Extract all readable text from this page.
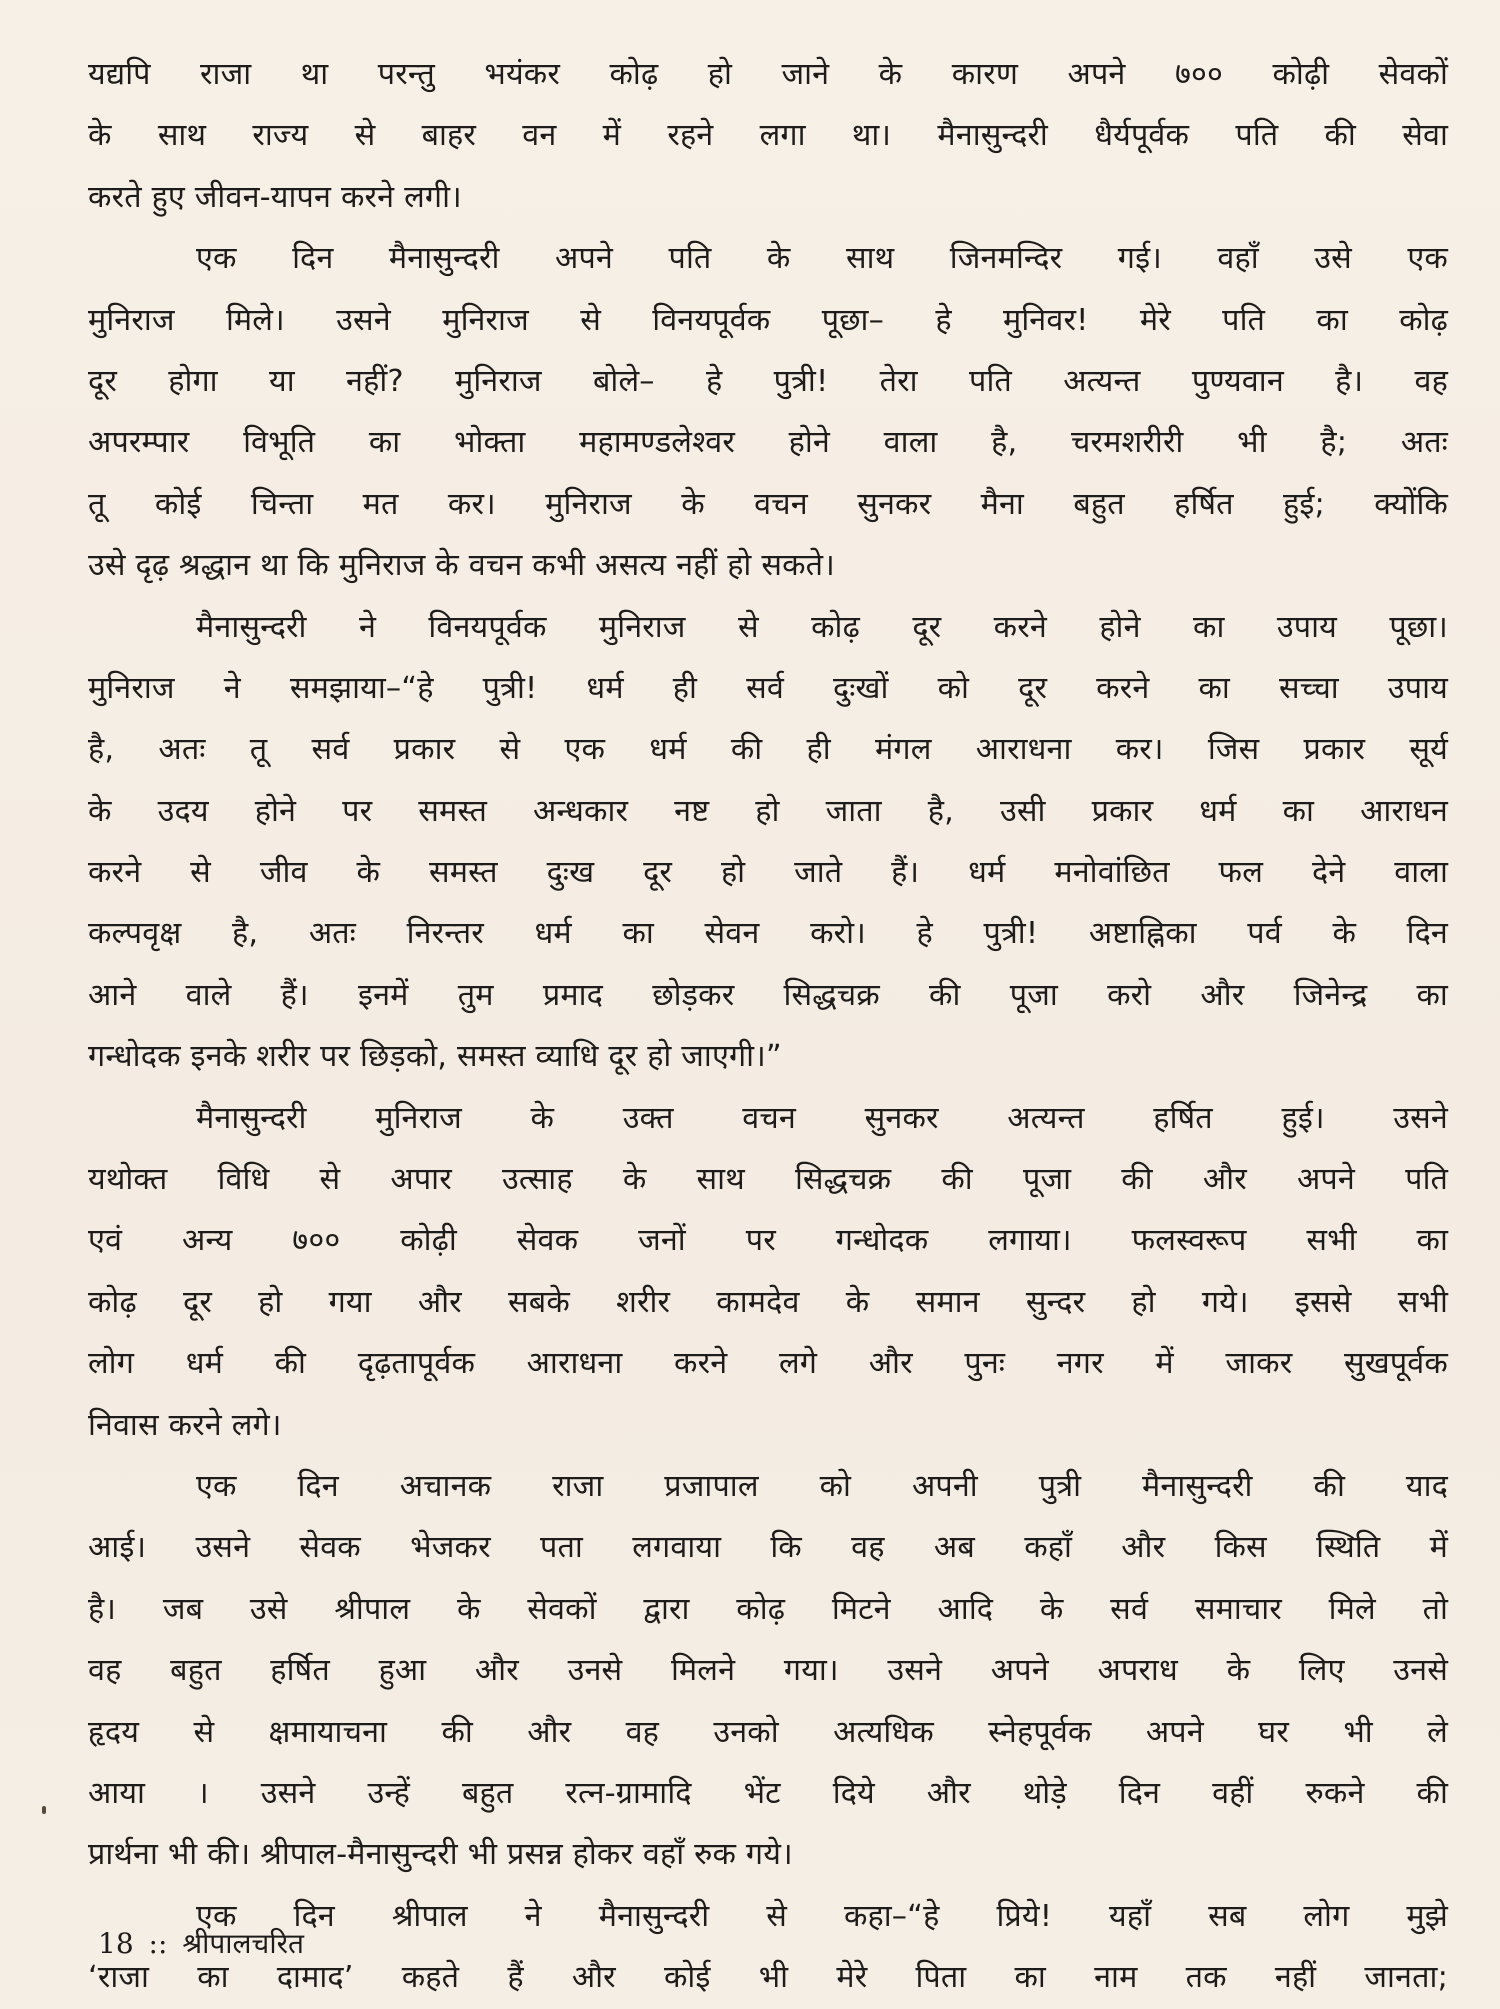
यद्यपि राजा था परन्तु भयंकर कोढ़ हो जाने के कारण अपने ७०० कोढ़ी सेवकों
के साथ राज्य से बाहर वन में रहने लगा था। मैनासुन्दरी धैर्यपूर्वक पति की सेवा
करते हुए जीवन-यापन करने लगी।
एक दिन मैनासुन्दरी अपने पति के साथ जिनमन्दिर गई। वहाँ उसे एक
मुनिराज मिले। उसने मुनिराज से विनयपूर्वक पूछा– हे मुनिवर! मेरे पति का कोढ़
दूर होगा या नहीं? मुनिराज बोले– हे पुत्री! तेरा पति अत्यन्त पुण्यवान है। वह
अपरम्पार विभूति का भोक्ता महामण्डलेश्वर होने वाला है, चरमशरीरी भी है; अतः
तू कोई चिन्ता मत कर। मुनिराज के वचन सुनकर मैना बहुत हर्षित हुई; क्योंकि
उसे दृढ़ श्रद्धान था कि मुनिराज के वचन कभी असत्य नहीं हो सकते।
मैनासुन्दरी ने विनयपूर्वक मुनिराज से कोढ़ दूर करने होने का उपाय पूछा।
मुनिराज ने समझाया–“हे पुत्री! धर्म ही सर्व दुःखों को दूर करने का सच्चा उपाय
है, अतः तू सर्व प्रकार से एक धर्म की ही मंगल आराधना कर। जिस प्रकार सूर्य
के उदय होने पर समस्त अन्धकार नष्ट हो जाता है, उसी प्रकार धर्म का आराधन
करने से जीव के समस्त दुःख दूर हो जाते हैं। धर्म मनोवांछित फल देने वाला
कल्पवृक्ष है, अतः निरन्तर धर्म का सेवन करो। हे पुत्री! अष्टाह्निका पर्व के दिन
आने वाले हैं। इनमें तुम प्रमाद छोड़कर सिद्धचक्र की पूजा करो और जिनेन्द्र का
गन्धोदक इनके शरीर पर छिड़को, समस्त व्याधि दूर हो जाएगी।”
मैनासुन्दरी मुनिराज के उक्त वचन सुनकर अत्यन्त हर्षित हुई। उसने
यथोक्त विधि से अपार उत्साह के साथ सिद्धचक्र की पूजा की और अपने पति
एवं अन्य ७०० कोढ़ी सेवक जनों पर गन्धोदक लगाया। फलस्वरूप सभी का
कोढ़ दूर हो गया और सबके शरीर कामदेव के समान सुन्दर हो गये। इससे सभी
लोग धर्म की दृढ़तापूर्वक आराधना करने लगे और पुनः नगर में जाकर सुखपूर्वक
निवास करने लगे।
एक दिन अचानक राजा प्रजापाल को अपनी पुत्री मैनासुन्दरी की याद
आई। उसने सेवक भेजकर पता लगवाया कि वह अब कहाँ और किस स्थिति में
है। जब उसे श्रीपाल के सेवकों द्वारा कोढ़ मिटने आदि के सर्व समाचार मिले तो
वह बहुत हर्षित हुआ और उनसे मिलने गया। उसने अपने अपराध के लिए उनसे
हृदय से क्षमायाचना की और वह उनको अत्यधिक स्नेहपूर्वक अपने घर भी ले
आया । उसने उन्हें बहुत रत्न-ग्रामादि भेंट दिये और थोड़े दिन वहीं रुकने की
प्रार्थना भी की। श्रीपाल-मैनासुन्दरी भी प्रसन्न होकर वहाँ रुक गये।
एक दिन श्रीपाल ने मैनासुन्दरी से कहा–“हे प्रिये! यहाँ सब लोग मुझे
‘राजा का दामाद’ कहते हैं और कोई भी मेरे पिता का नाम तक नहीं जानता;
18 :: श्रीपालचरित
